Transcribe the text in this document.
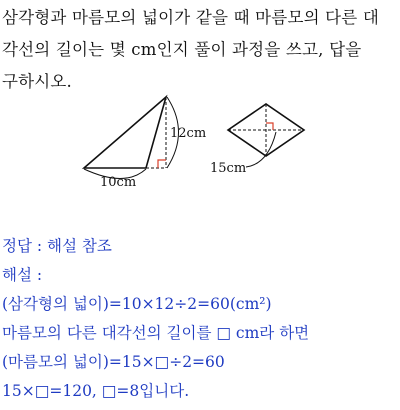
삼각형과 마름모의 넓이가 같을 때 마름모의 다른 대
각선의 길이는 몇 cm인지 풀이 과정을 쓰고, 답을
구하시오.
12cm
10cm
15cm
정답 : 해설 참조
해설 :
(삼각형의 넓이)=10×12÷2=60(cm²)
마름모의 다른 대각선의 길이를 □ cm라 하면
(마름모의 넓이)=15×□÷2=60
15×□=120, □=8입니다.
